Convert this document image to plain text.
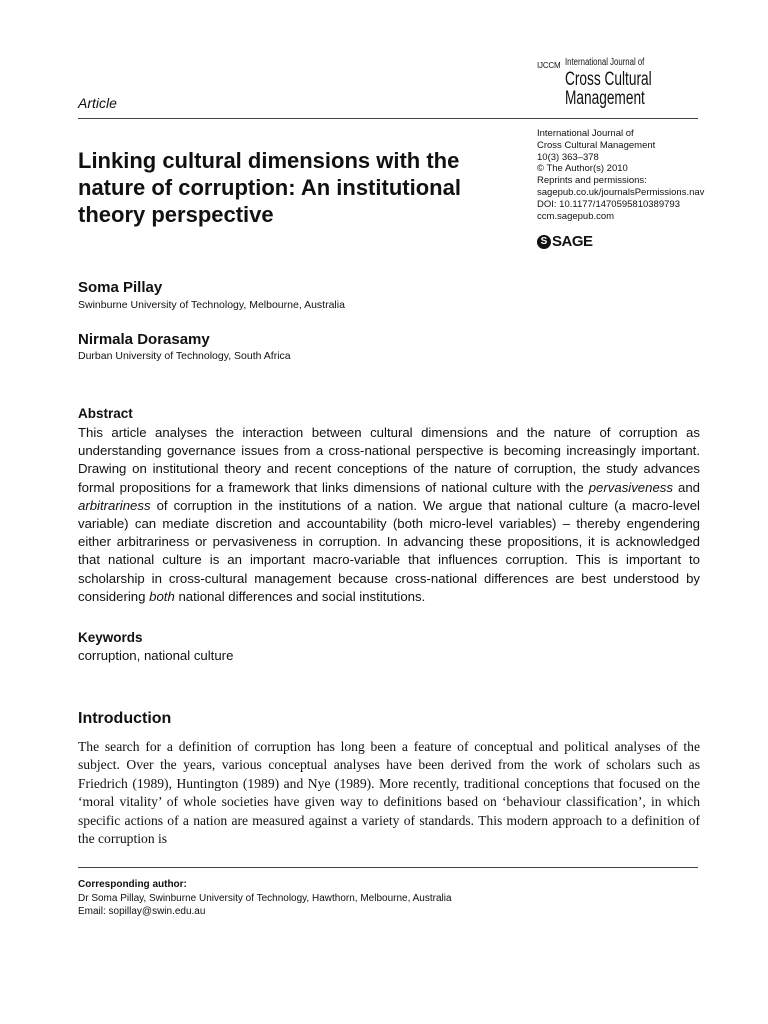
IJCCM International Journal of
Cross Cultural
Management
Article
Linking cultural dimensions with the nature of corruption: An institutional theory perspective
International Journal of
Cross Cultural Management
10(3) 363–378
© The Author(s) 2010
Reprints and permissions:
sagepub.co.uk/journalsPermissions.nav
DOI: 10.1177/1470595810389793
ccm.sagepub.com
S SAGE
Soma Pillay
Swinburne University of Technology, Melbourne, Australia
Nirmala Dorasamy
Durban University of Technology, South Africa
Abstract

This article analyses the interaction between cultural dimensions and the nature of corruption as understanding governance issues from a cross-national perspective is becoming increasingly important. Drawing on institutional theory and recent conceptions of the nature of corruption, the study advances formal propositions for a framework that links dimensions of national culture with the pervasiveness and arbitrariness of corruption in the institutions of a nation. We argue that national culture (a macro-level variable) can mediate discretion and accountability (both micro-level variables) – thereby engendering either arbitrariness or pervasiveness in corruption. In advancing these propositions, it is acknowledged that national culture is an important macro-variable that influences corruption. This is important to scholarship in cross-cultural management because cross-national differences are best understood by considering both national differences and social institutions.

Keywords
corruption, national culture
Introduction

The search for a definition of corruption has long been a feature of conceptual and political analyses of the subject. Over the years, various conceptual analyses have been derived from the work of scholars such as Friedrich (1989), Huntington (1989) and Nye (1989). More recently, traditional conceptions that focused on the ‘moral vitality’ of whole societies have given way to definitions based on ‘behaviour classification’, in which specific actions of a nation are measured against a variety of standards. This modern approach to a definition of the corruption is

Corresponding author:
Dr Soma Pillay, Swinburne University of Technology, Hawthorn, Melbourne, Australia
Email: sopillay@swin.edu.au
